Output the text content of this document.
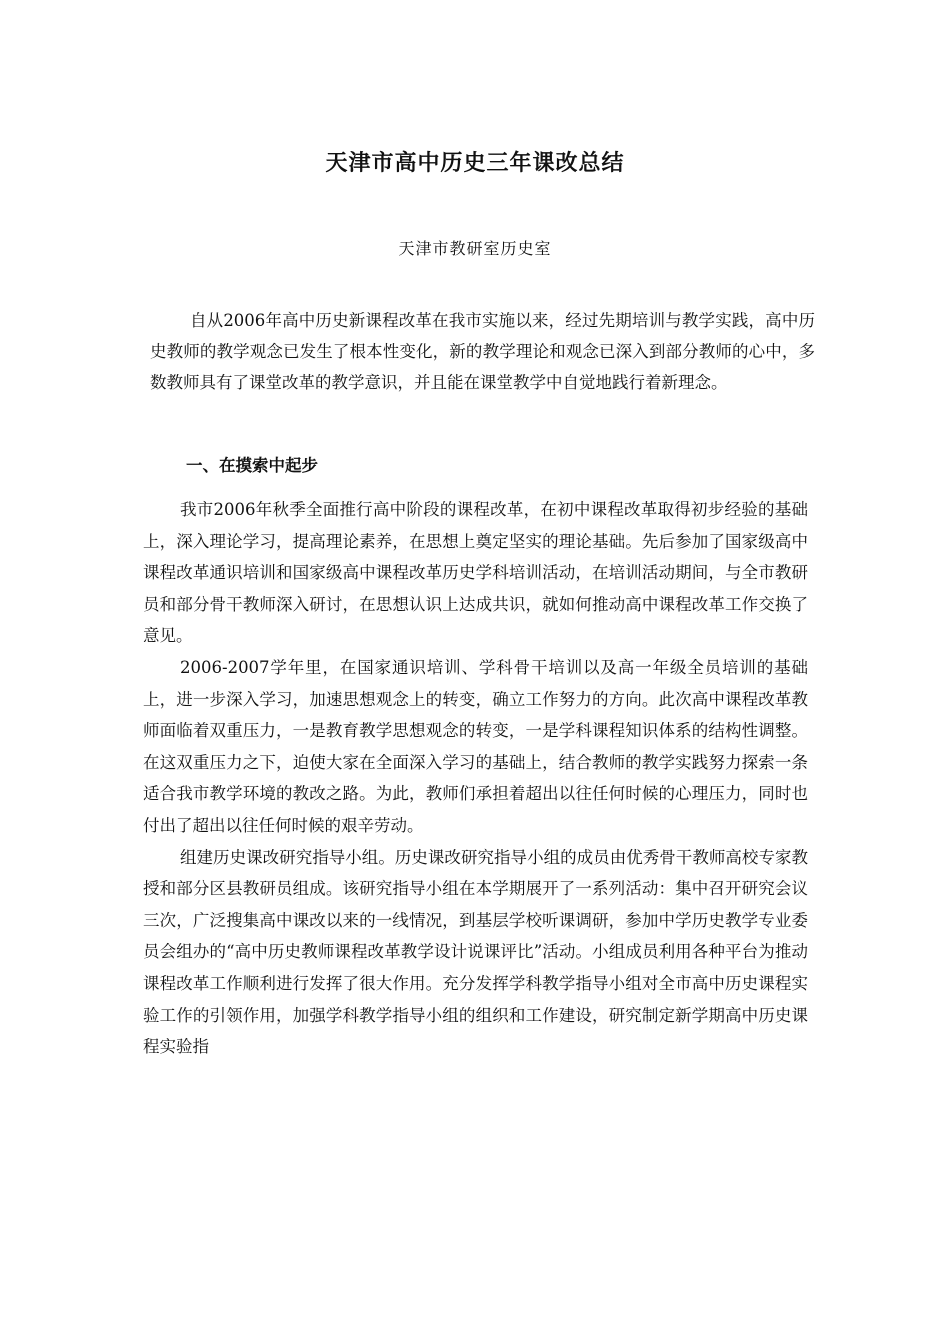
天津市高中历史三年课改总结
天津市教研室历史室

自从2006年高中历史新课程改革在我市实施以来，经过先期培训与教学实践，高中历史教师的教学观念已发生了根本性变化，新的教学理论和观念已深入到部分教师的心中，多数教师具有了课堂改革的教学意识，并且能在课堂教学中自觉地践行着新理念。

一、在摸索中起步

我市2006年秋季全面推行高中阶段的课程改革，在初中课程改革取得初步经验的基础上，深入理论学习，提高理论素养，在思想上奠定坚实的理论基础。先后参加了国家级高中课程改革通识培训和国家级高中课程改革历史学科培训活动，在培训活动期间，与全市教研员和部分骨干教师深入研讨，在思想认识上达成共识，就如何推动高中课程改革工作交换了意见。

2006-2007学年里，在国家通识培训、学科骨干培训以及高一年级全员培训的基础上，进一步深入学习，加速思想观念上的转变，确立工作努力的方向。此次高中课程改革教师面临着双重压力，一是教育教学思想观念的转变，一是学科课程知识体系的结构性调整。在这双重压力之下，迫使大家在全面深入学习的基础上，结合教师的教学实践努力探索一条适合我市教学环境的教改之路。为此，教师们承担着超出以往任何时候的心理压力，同时也付出了超出以往任何时候的艰辛劳动。

组建历史课改研究指导小组。历史课改研究指导小组的成员由优秀骨干教师高校专家教授和部分区县教研员组成。该研究指导小组在本学期展开了一系列活动：集中召开研究会议三次，广泛搜集高中课改以来的一线情况，到基层学校听课调研，参加中学历史教学专业委员会组办的“高中历史教师课程改革教学设计说课评比”活动。小组成员利用各种平台为推动课程改革工作顺利进行发挥了很大作用。充分发挥学科教学指导小组对全市高中历史课程实验工作的引领作用，加强学科教学指导小组的组织和工作建设，研究制定新学期高中历史课程实验指
